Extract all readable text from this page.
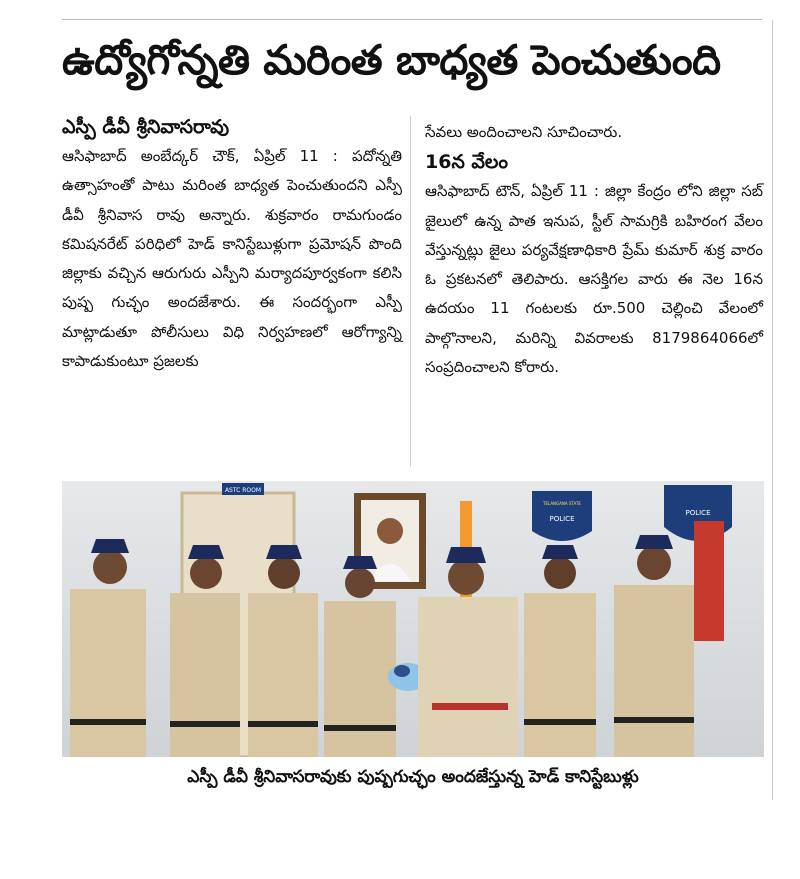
ఉద్యోగోన్నతి మరింత బాధ్యత పెంచుతుంది
ఎస్పీ డీవీ శ్రీనివాసరావు

ఆసిఫాబాద్ అంబేద్కర్ చౌక్, ఏప్రిల్ 11 : పదోన్నతి ఉత్సాహంతో పాటు మరింత బాధ్యత పెంచుతుందని ఎస్పీ డీవీ శ్రీనివాస రావు అన్నారు. శుక్రవారం రామగుండం కమిషనరేట్ పరిధిలో హెడ్ కానిస్టేబుళ్లుగా ప్రమోషన్ పొంది జిల్లాకు వచ్చిన ఆరుగురు ఎస్పీని మర్యాదపూర్వకంగా కలిసి పుష్ప గుచ్ఛం అందజేశారు. ఈ సందర్భంగా ఎస్పీ మాట్లాడుతూ పోలీసులు విధి నిర్వహణలో ఆరోగ్యాన్ని కాపాడుకుంటూ ప్రజలకు

సేవలు అందించాలని సూచించారు.

16న వేలం

ఆసిఫాబాద్ టౌన్, ఏప్రిల్ 11 : జిల్లా కేంద్రం లోని జిల్లా సబ్ జైలులో ఉన్న పాత ఇనుప, స్టీల్ సామగ్రికి బహిరంగ వేలం వేస్తున్నట్లు జైలు పర్యవేక్షణాధికారి ప్రేమ్ కుమార్ శుక్ర వారం ఓ ప్రకటనలో తెలిపారు. ఆసక్తిగల వారు ఈ నెల 16న ఉదయం 11 గంటలకు రూ.500 చెల్లించి వేలంలో పాల్గొనాలని, మరిన్ని వివరాలకు 8179864066లో సంప్రదించాలని కోరారు.

ASTC ROOM
POLICE
TELANGANA STATE
POLICE
ఎస్పీ డీవీ శ్రీనివాసరావుకు పుష్పగుచ్ఛం అందజేస్తున్న హెడ్ కానిస్టేబుళ్లు
